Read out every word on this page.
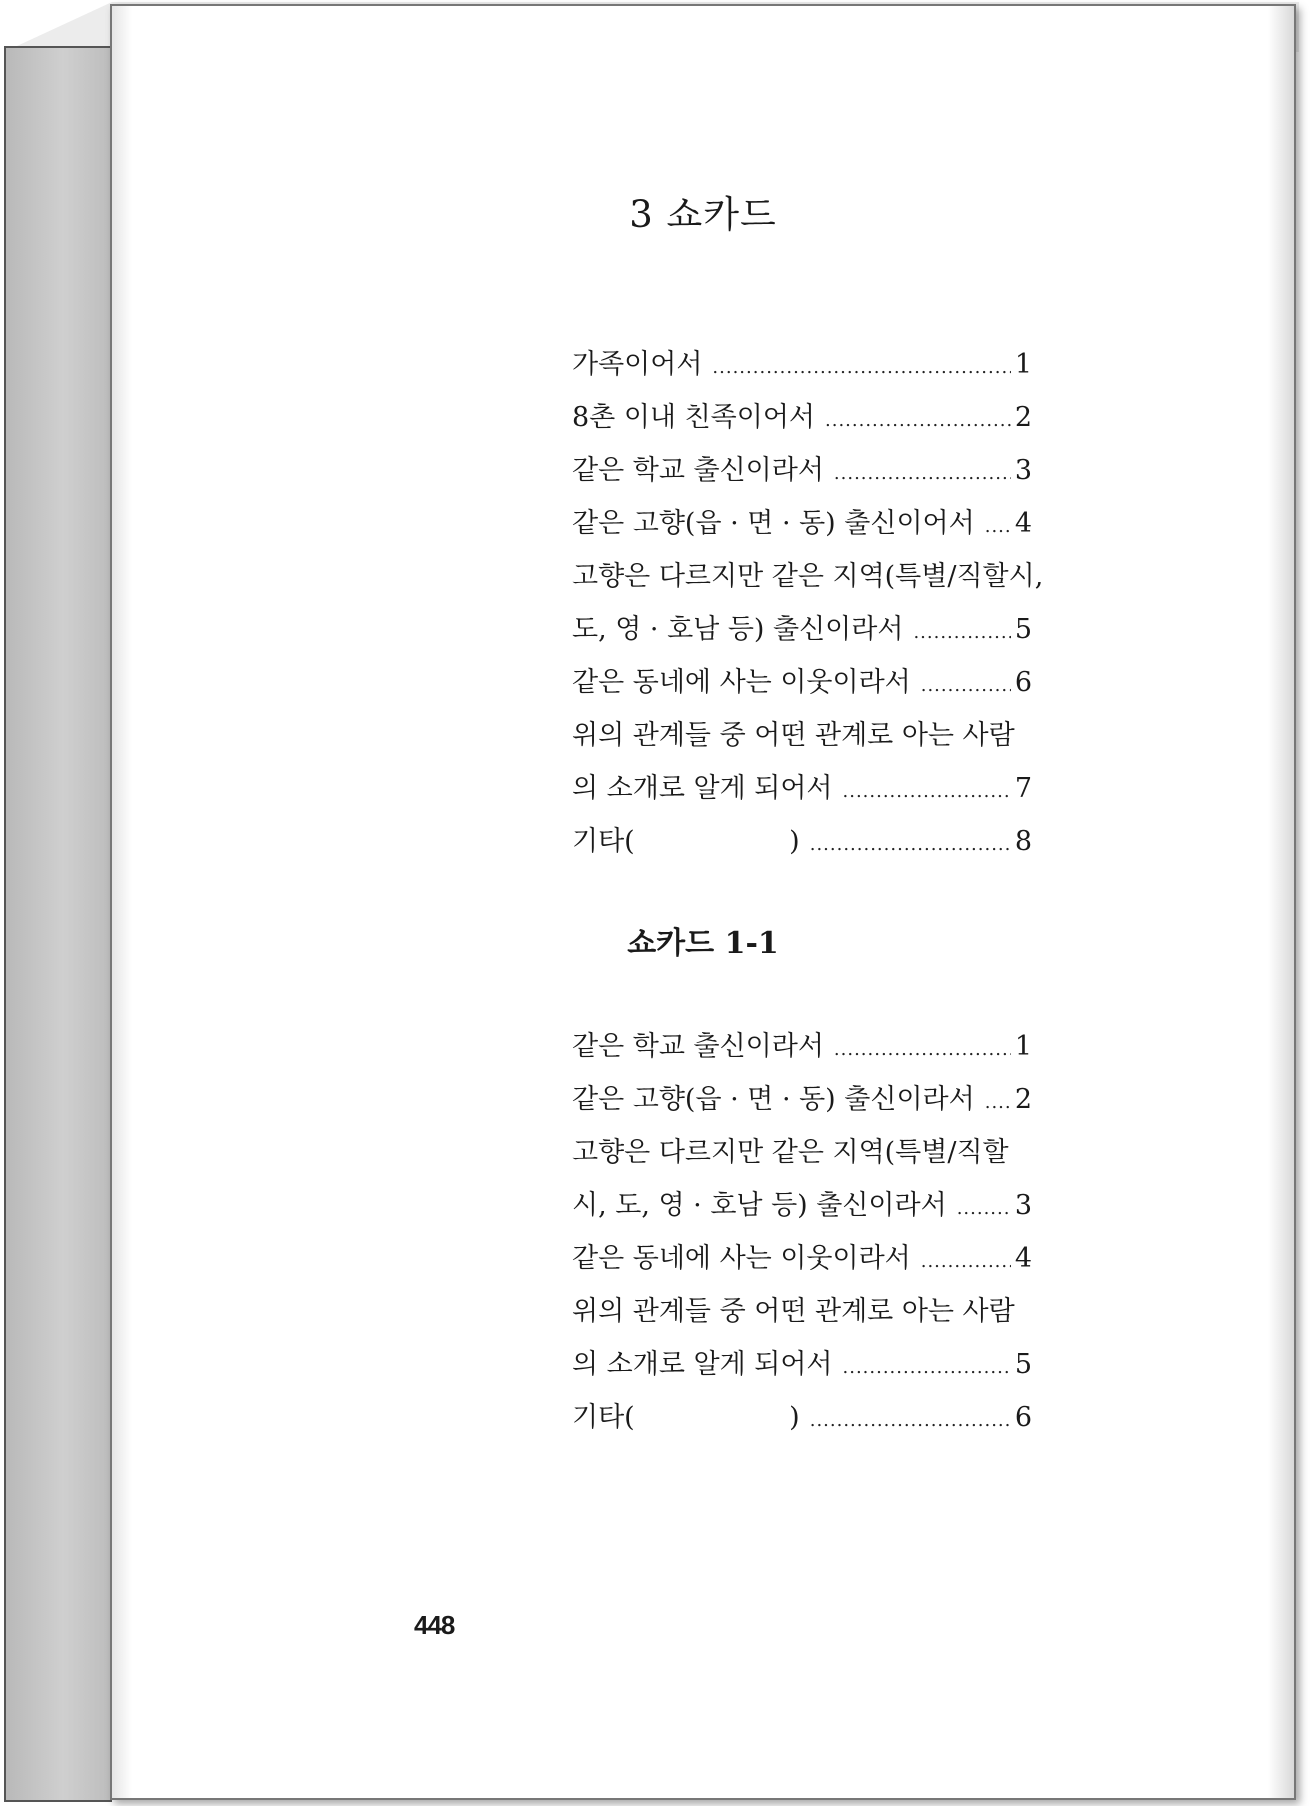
3 쇼카드
가족이어서 .....	1
8촌 이내 친족이어서 .....	2
같은 학교 출신이라서 .....	3
같은 고향(읍 · 면 · 동) 출신이어서 ..... 4
고향은 다르지만 같은 지역(특별/직할시,
도, 영 · 호남 등) 출신이라서 .....	5
같은 동네에 사는 이웃이라서 .....	6
위의 관계들 중 어떤 관계로 아는 사람
의 소개로 알게 되어서 .....	7
기타(                  ) .....	8
쇼카드 1-1
같은 학교 출신이라서 .....	1
같은 고향(읍 · 면 · 동) 출신이라서 ..... 2
고향은 다르지만 같은 지역(특별/직할
시, 도, 영 · 호남 등) 출신이라서 .....	3
같은 동네에 사는 이웃이라서 .....	4
위의 관계들 중 어떤 관계로 아는 사람
의 소개로 알게 되어서 .....	5
기타(                  ) .....	6
448
